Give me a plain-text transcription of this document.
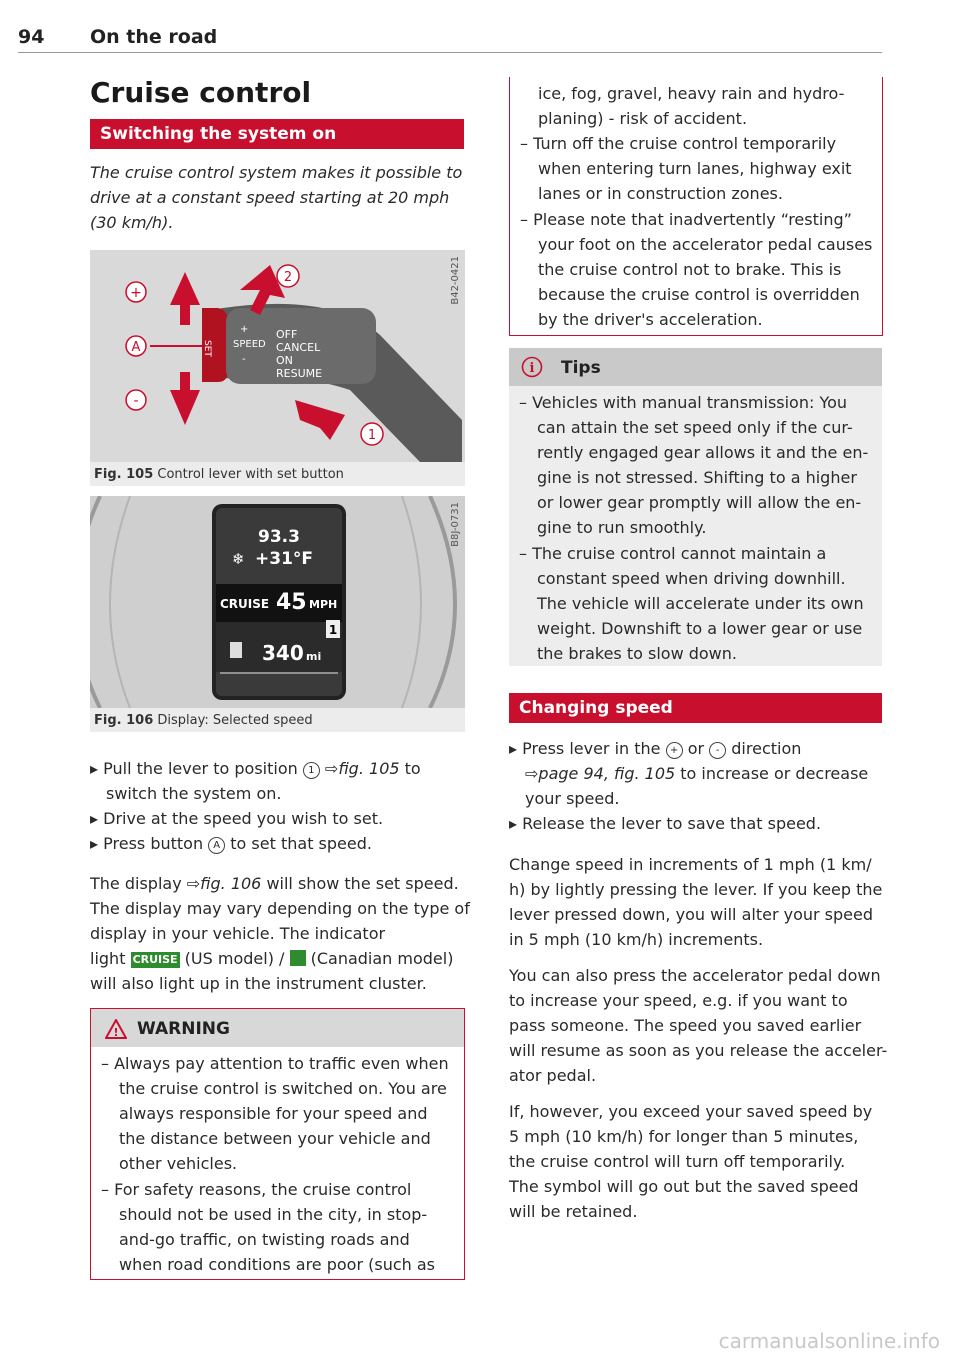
94 On the road
Cruise control
Switching the system on
The cruise control system makes it possible to
drive at a constant speed starting at 20 mph
(30 km/h).
+
SPEED
-
OFF
CANCEL
ON
RESUME
SET
+
A
-
2
1
B42-0421
Fig. 105 Control lever with set button
93.3
❄ +31°F
CRUISE 45 MPH
1
340 mi
B8J-0731
Fig. 106 Display: Selected speed
▸ Pull the lever to position 1 ⇨fig. 105 to
switch the system on.
▸ Drive at the speed you wish to set.
▸ Press button A to set that speed.
The display ⇨fig. 106 will show the set speed.
The display may vary depending on the type of
display in your vehicle. The indicator
light CRUISE (US model) / (Canadian model)
will also light up in the instrument cluster.
! WARNING
– Always pay attention to traffic even when
the cruise control is switched on. You are
always responsible for your speed and
the distance between your vehicle and
other vehicles.
– For safety reasons, the cruise control
should not be used in the city, in stop-
and-go traffic, on twisting roads and
when road conditions are poor (such as
ice, fog, gravel, heavy rain and hydro-
planing) - risk of accident.
– Turn off the cruise control temporarily
when entering turn lanes, highway exit
lanes or in construction zones.
– Please note that inadvertently “resting”
your foot on the accelerator pedal causes
the cruise control not to brake. This is
because the cruise control is overridden
by the driver's acceleration.
i Tips
– Vehicles with manual transmission: You
can attain the set speed only if the cur-
rently engaged gear allows it and the en-
gine is not stressed. Shifting to a higher
or lower gear promptly will allow the en-
gine to run smoothly.
– The cruise control cannot maintain a
constant speed when driving downhill.
The vehicle will accelerate under its own
weight. Downshift to a lower gear or use
the brakes to slow down.
Changing speed
▸ Press lever in the + or - direction
⇨page 94, fig. 105 to increase or decrease
your speed.
▸ Release the lever to save that speed.
Change speed in increments of 1 mph (1 km/
h) by lightly pressing the lever. If you keep the
lever pressed down, you will alter your speed
in 5 mph (10 km/h) increments.
You can also press the accelerator pedal down
to increase your speed, e.g. if you want to
pass someone. The speed you saved earlier
will resume as soon as you release the acceler-
ator pedal.
If, however, you exceed your saved speed by
5 mph (10 km/h) for longer than 5 minutes,
the cruise control will turn off temporarily.
The symbol will go out but the saved speed
will be retained.
carmanualsonline.info
